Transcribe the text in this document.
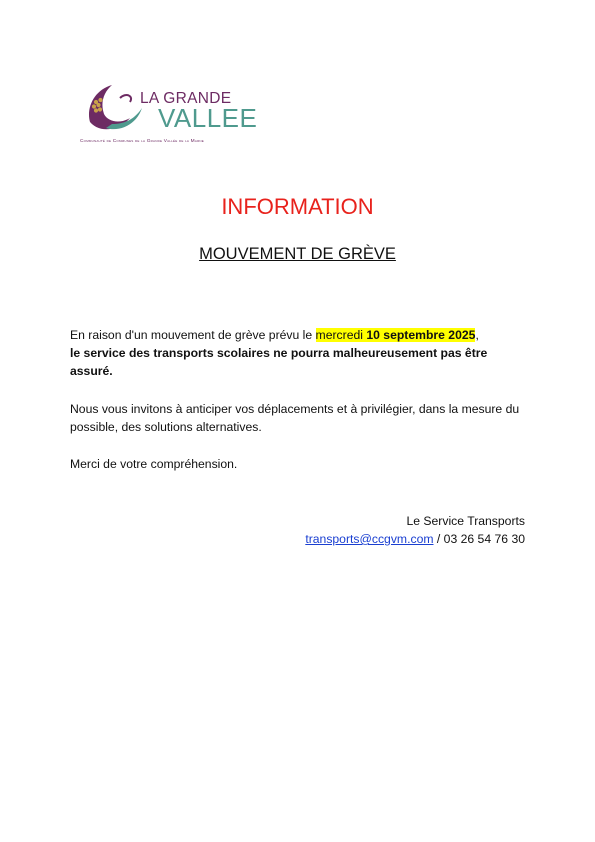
LA GRANDE
VALLEE
Communauté de Communes de la Grande Vallée de la Marne
INFORMATION
MOUVEMENT DE GRÈVE
En raison d'un mouvement de grève prévu le mercredi 10 septembre 2025,
le service des transports scolaires ne pourra malheureusement pas être assuré.
Nous vous invitons à anticiper vos déplacements et à privilégier, dans la mesure du possible, des solutions alternatives.
Merci de votre compréhension.
Le Service Transports
transports@ccgvm.com / 03 26 54 76 30
